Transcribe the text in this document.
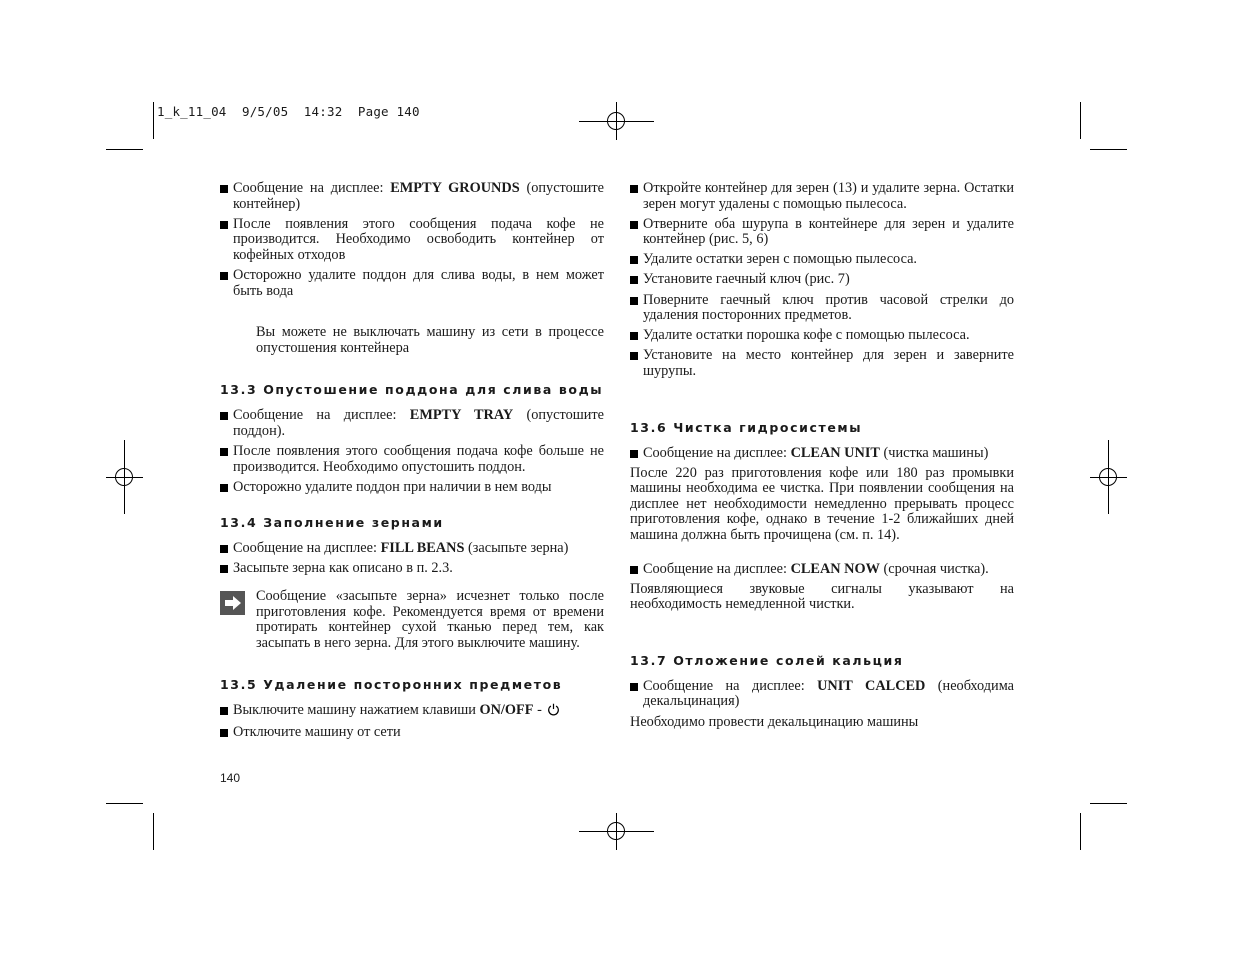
1_k_11_04  9/5/05  14:32  Page 140
Сообщение на дисплее: EMPTY GROUNDS (опустошите контейнер)
После появления этого сообщения подача кофе не производится. Необходимо освободить контейнер от кофейных отходов
Осторожно удалите поддон для слива воды, в нем может быть вода

Вы можете не выключать машину из сети в процессе опустошения контейнера

13.3 Опустошение поддона для слива воды
Сообщение на дисплее: EMPTY TRAY (опустошите поддон).
После появления этого сообщения подача кофе больше не производится. Необходимо опустошить поддон.
Осторожно удалите поддон при наличии в нем воды
13.4 Заполнение зернами
Сообщение на дисплее: FILL BEANS (засыпьте зерна)
Засыпьте зерна как описано в п. 2.3.

Сообщение «засыпьте зерна» исчезнет только после приготовления кофе. Рекомендуется время от времени протирать контейнер сухой тканью перед тем, как засыпать в него зерна. Для этого выключите машину.

13.5 Удаление посторонних предметов
Выключите машину нажатием клавиши ON/OFF -
Отключите машину от сети
Откройте контейнер для зерен (13) и удалите зерна. Остатки зерен могут удалены с помощью пылесоса.
Отверните оба шурупа в контейнере для зерен и удалите контейнер (рис. 5, 6)
Удалите остатки зерен с помощью пылесоса.
Установите гаечный ключ (рис. 7)
Поверните гаечный ключ против часовой стрелки до удаления посторонних предметов.
Удалите остатки порошка кофе с помощью пылесоса.
Установите на место контейнер для зерен и заверните шурупы.
13.6 Чистка гидросистемы
Сообщение на дисплее: CLEAN UNIT (чистка машины)

После 220 раз приготовления кофе или 180 раз промывки машины необходима ее чистка. При появлении сообщения на дисплее нет необходимости немедленно прерывать процесс приготовления кофе, однако в течение 1-2 ближайших дней машина должна быть прочищена (см. п. 14).

Сообщение на дисплее: CLEAN NOW (срочная чистка).

Появляющиеся звуковые сигналы указывают на необходимость немедленной чистки.

13.7 Отложение солей кальция
Сообщение на дисплее: UNIT CALCED (необходима декальцинация)

Необходимо провести декальцинацию машины

140
